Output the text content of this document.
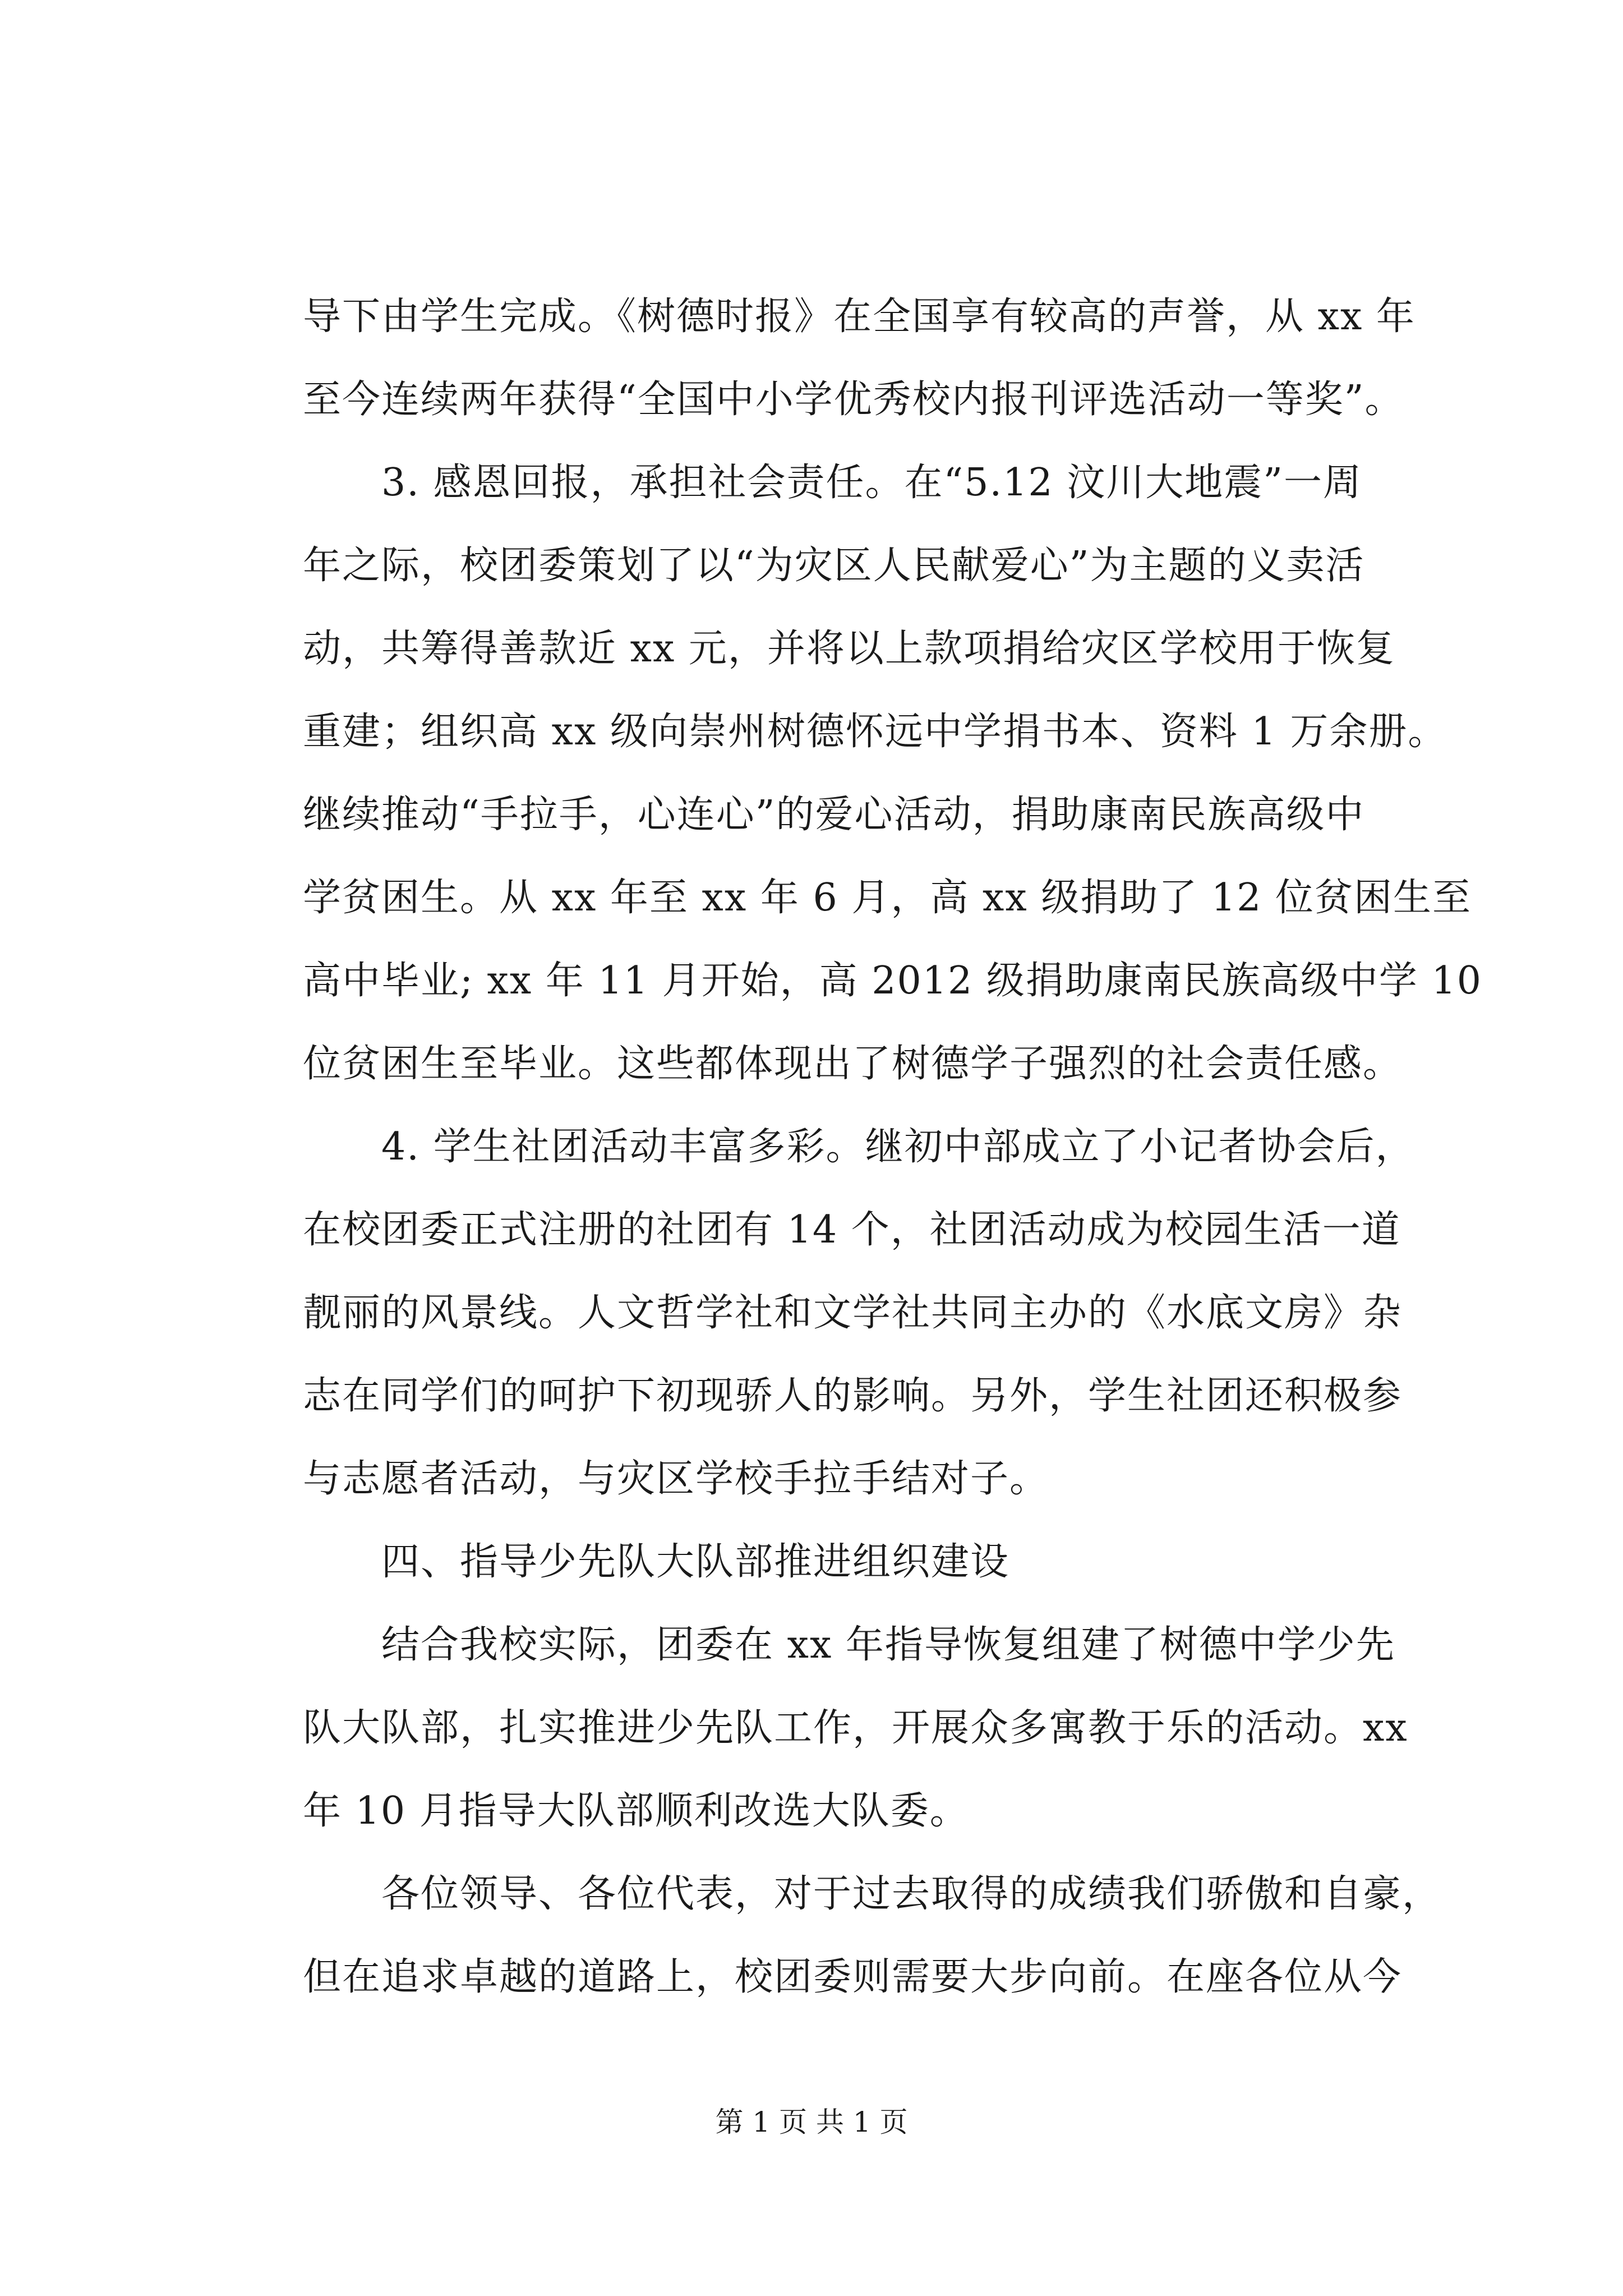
导下由学生完成。《树德时报》在全国享有较高的声誉，从 xx 年
至今连续两年获得“全国中小学优秀校内报刊评选活动一等奖”。
　　3. 感恩回报，承担社会责任。在“5.12 汶川大地震”一周
年之际，校团委策划了以“为灾区人民献爱心”为主题的义卖活
动，共筹得善款近 xx 元，并将以上款项捐给灾区学校用于恢复
重建；组织高 xx 级向崇州树德怀远中学捐书本、资料 1 万余册。
继续推动“手拉手，心连心”的爱心活动，捐助康南民族高级中
学贫困生。从 xx 年至 xx 年 6 月，高 xx 级捐助了 12 位贫困生至
高中毕业; xx 年 11 月开始，高 2012 级捐助康南民族高级中学 10
位贫困生至毕业。这些都体现出了树德学子强烈的社会责任感。
　　4. 学生社团活动丰富多彩。继初中部成立了小记者协会后，
在校团委正式注册的社团有 14 个，社团活动成为校园生活一道
靓丽的风景线。人文哲学社和文学社共同主办的《水底文房》杂
志在同学们的呵护下初现骄人的影响。另外，学生社团还积极参
与志愿者活动，与灾区学校手拉手结对子。
　　四、指导少先队大队部推进组织建设
　　结合我校实际，团委在 xx 年指导恢复组建了树德中学少先
队大队部，扎实推进少先队工作，开展众多寓教于乐的活动。xx
年 10 月指导大队部顺利改选大队委。
　　各位领导、各位代表，对于过去取得的成绩我们骄傲和自豪，
但在追求卓越的道路上，校团委则需要大步向前。在座各位从今
第 1 页 共 1 页
